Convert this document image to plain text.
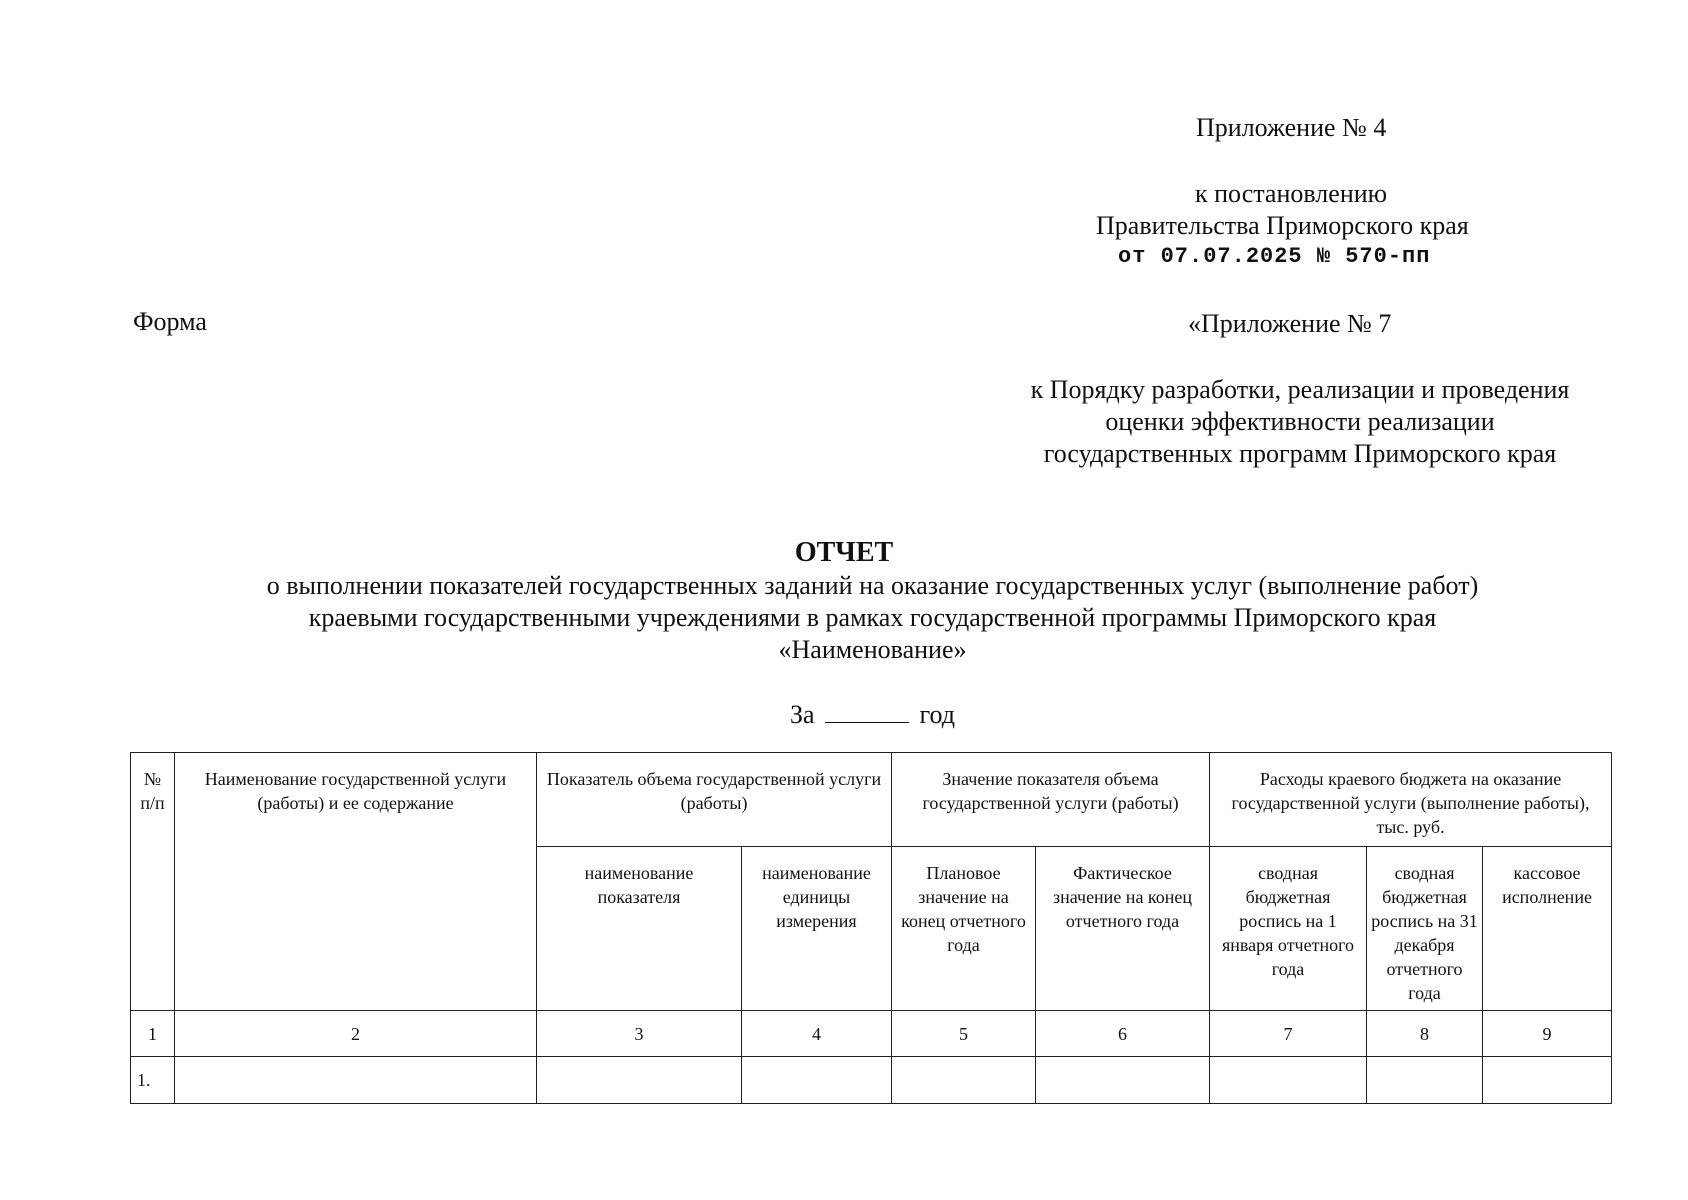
Приложение № 4
к постановлению
Правительства Приморского края
от 07.07.2025 № 570-пп
Форма	«Приложение № 7
к Порядку разработки, реализации и проведения
оценки эффективности реализации
государственных программ Приморского края
ОТЧЕТ
о выполнении показателей государственных заданий на оказание государственных услуг (выполнение работ)
краевыми государственными учреждениями в рамках государственной программы Приморского края
«Наименование»
За	год
№ п/п	Наименование государственной услуги (работы) и ее содержание	Показатель объема государственной услуги (работы)		Значение показателя объема государственной услуги (работы)		Расходы краевого бюджета на оказание государственной услуги (выполнение работы), тыс. руб.		
		наименование показателя	наименование единицы измерения	Плановое значение на конец отчетного года	Фактическое значение на конец отчетного года	сводная бюджетная роспись на 1 января отчетного года	сводная бюджетная роспись на 31 декабря отчетного года	кассовое исполнение
1	2	3	4	5	6	7	8	9
1.								
